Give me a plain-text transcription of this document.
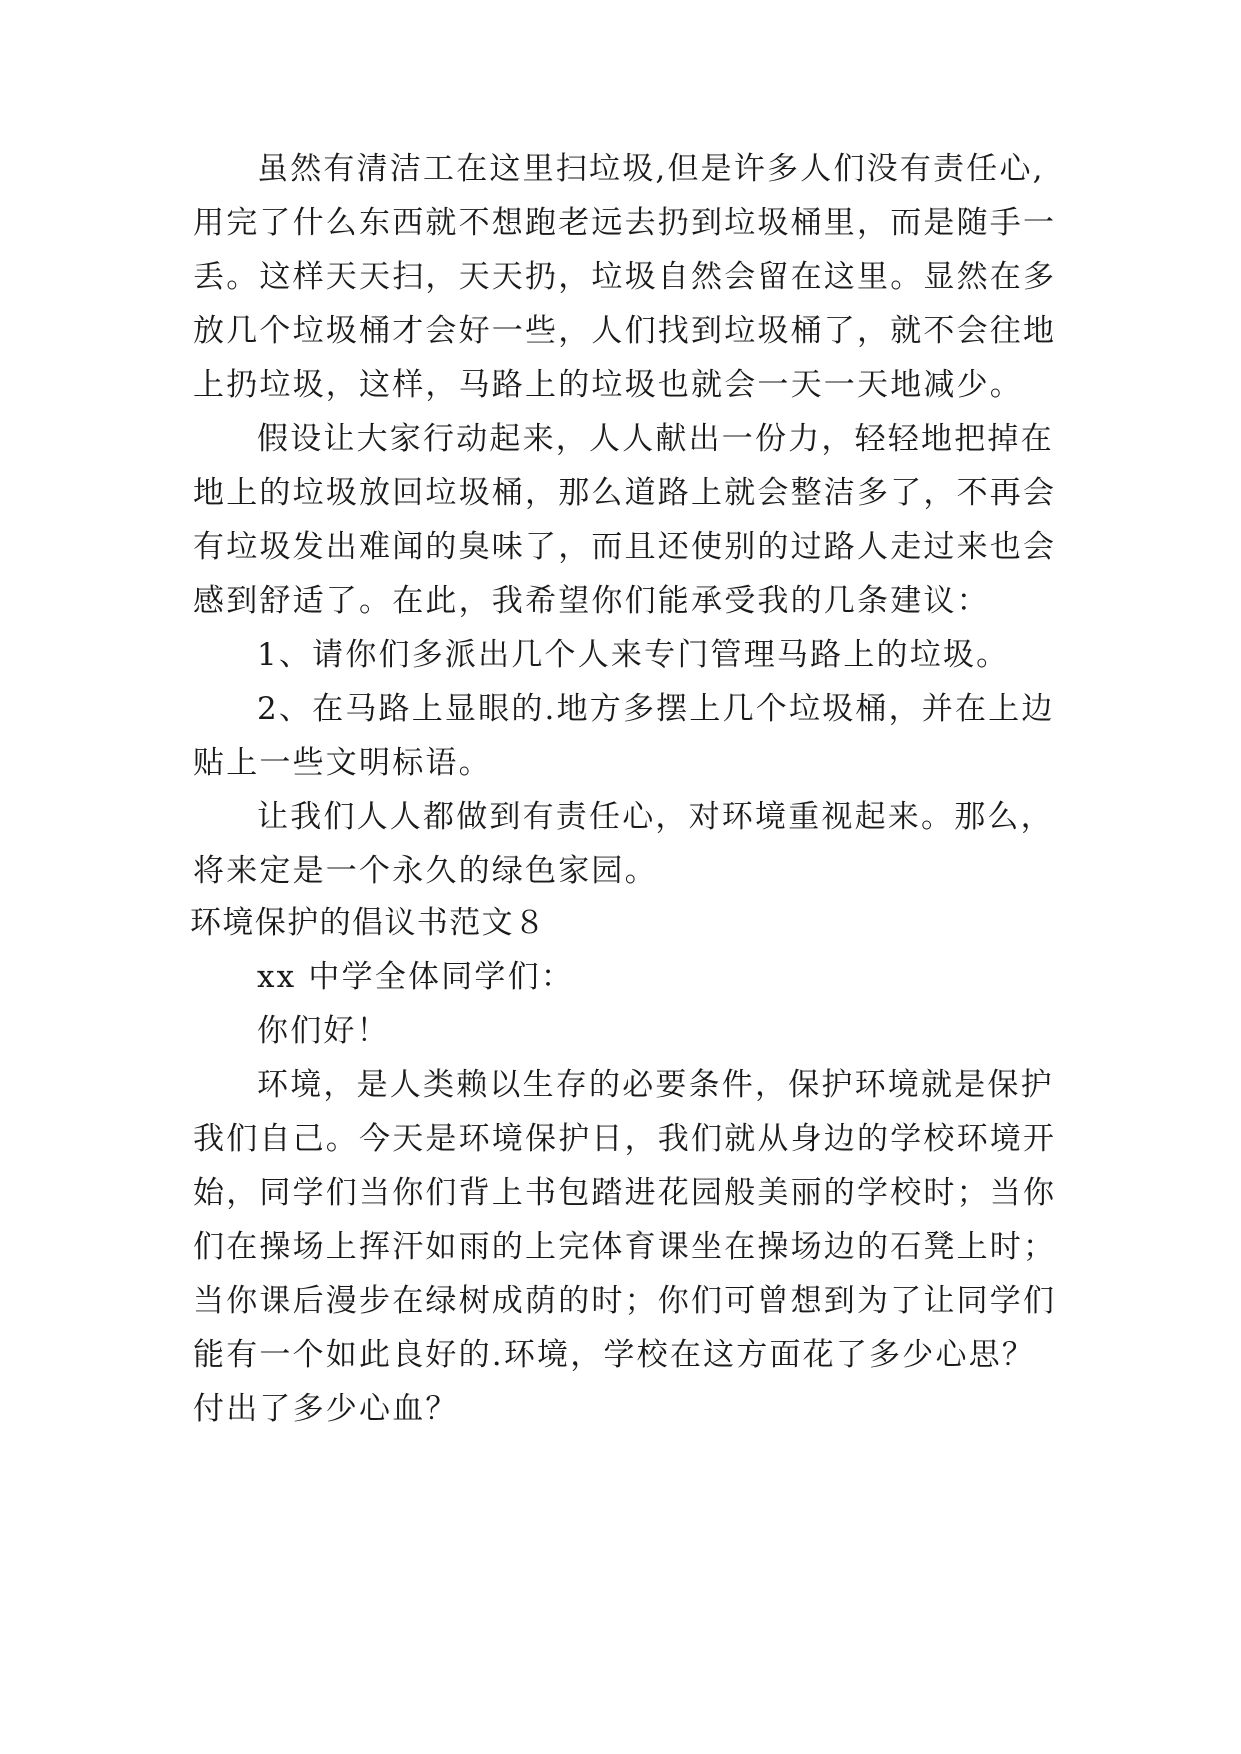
虽然有清洁工在这里扫垃圾,但是许多人们没有责任心,
用完了什么东西就不想跑老远去扔到垃圾桶里，而是随手一
丢。这样天天扫，天天扔，垃圾自然会留在这里。显然在多
放几个垃圾桶才会好一些，人们找到垃圾桶了，就不会往地
上扔垃圾，这样，马路上的垃圾也就会一天一天地减少。
假设让大家行动起来，人人献出一份力，轻轻地把掉在
地上的垃圾放回垃圾桶，那么道路上就会整洁多了，不再会
有垃圾发出难闻的臭味了，而且还使别的过路人走过来也会
感到舒适了。在此，我希望你们能承受我的几条建议：
1、请你们多派出几个人来专门管理马路上的垃圾。
2、在马路上显眼的.地方多摆上几个垃圾桶，并在上边
贴上一些文明标语。
让我们人人都做到有责任心，对环境重视起来。那么，
将来定是一个永久的绿色家园。
环境保护的倡议书范文８
xx 中学全体同学们：
你们好！
环境，是人类赖以生存的必要条件，保护环境就是保护
我们自己。今天是环境保护日，我们就从身边的学校环境开
始，同学们当你们背上书包踏进花园般美丽的学校时；当你
们在操场上挥汗如雨的上完体育课坐在操场边的石凳上时；
当你课后漫步在绿树成荫的时；你们可曾想到为了让同学们
能有一个如此良好的.环境，学校在这方面花了多少心思？
付出了多少心血？
